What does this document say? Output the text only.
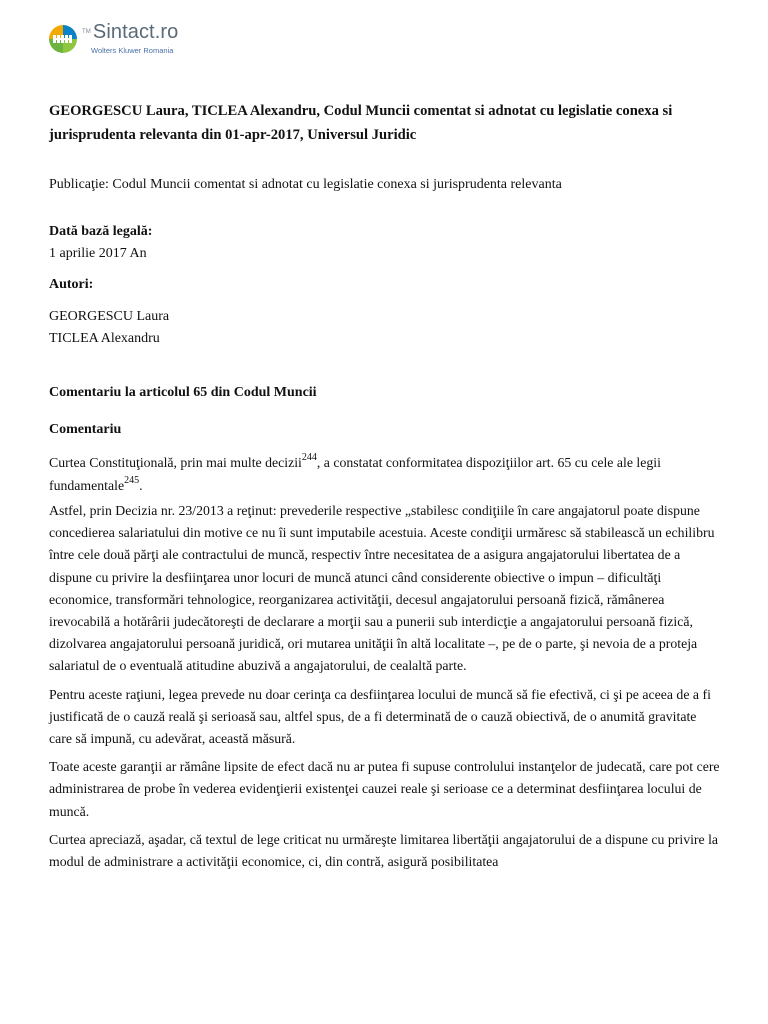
TM Sintact.ro
Wolters Kluwer Romania

GEORGESCU Laura, TICLEA Alexandru, Codul Muncii comentat si adnotat cu legislatie conexa si jurisprudenta relevanta din 01-apr-2017, Universul Juridic

Publicaţie: Codul Muncii comentat si adnotat cu legislatie conexa si jurisprudenta relevanta

Dată bază legală:

1 aprilie 2017 An

Autori:

GEORGESCU Laura

TICLEA Alexandru

Comentariu la articolul 65 din Codul Muncii

Comentariu

Curtea Constituţională, prin mai multe decizii$^{244}$, a constatat conformitatea dispoziţiilor art. 65 cu cele ale legii fundamentale$^{245}$.

Astfel, prin Decizia nr. 23/2013 a reţinut: prevederile respective „stabilesc condiţiile în care angajatorul poate dispune concedierea salariatului din motive ce nu îi sunt imputabile acestuia. Aceste condiţii urmăresc să stabilească un echilibru între cele două părţi ale contractului de muncă, respectiv între necesitatea de a asigura angajatorului libertatea de a dispune cu privire la desfiinţarea unor locuri de muncă atunci când considerente obiective o impun – dificultăţi economice, transformări tehnologice, reorganizarea activităţii, decesul angajatorului persoană fizică, rămânerea irevocabilă a hotărârii judecătoreşti de declarare a morţii sau a punerii sub interdicţie a angajatorului persoană fizică, dizolvarea angajatorului persoană juridică, ori mutarea unităţii în altă localitate –, pe de o parte, şi nevoia de a proteja salariatul de o eventuală atitudine abuzivă a angajatorului, de cealaltă parte.

Pentru aceste raţiuni, legea prevede nu doar cerinţa ca desfiinţarea locului de muncă să fie efectivă, ci şi pe aceea de a fi justificată de o cauză reală şi serioasă sau, altfel spus, de a fi determinată de o cauză obiectivă, de o anumită gravitate care să impună, cu adevărat, această măsură.

Toate aceste garanţii ar rămâne lipsite de efect dacă nu ar putea fi supuse controlului instanţelor de judecată, care pot cere administrarea de probe în vederea evidenţierii existenţei cauzei reale şi serioase ce a determinat desfiinţarea locului de muncă.

Curtea apreciază, aşadar, că textul de lege criticat nu urmăreşte limitarea libertăţii angajatorului de a dispune cu privire la modul de administrare a activităţii economice, ci, din contră, asigură posibilitatea
